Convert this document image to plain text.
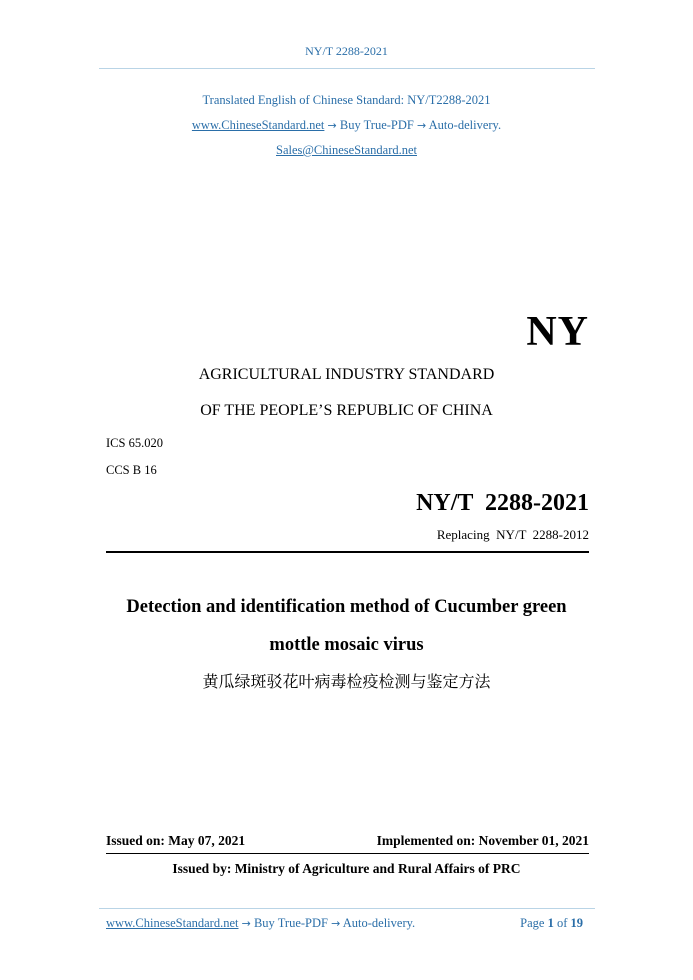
NY/T 2288-2021
Translated English of Chinese Standard: NY/T2288-2021
www.ChineseStandard.net → Buy True-PDF → Auto-delivery.
Sales@ChineseStandard.net
NY
AGRICULTURAL INDUSTRY STANDARD
OF THE PEOPLE’S REPUBLIC OF CHINA
ICS 65.020
CCS B 16
NY/T  2288-2021
Replacing  NY/T  2288-2012
Detection and identification method of Cucumber green
mottle mosaic virus
黄瓜绿斑驳花叶病毒检疫检测与鉴定方法
Issued on: May 07, 2021	Implemented on: November 01, 2021
Issued by: Ministry of Agriculture and Rural Affairs of PRC
www.ChineseStandard.net → Buy True-PDF → Auto-delivery.	Page 1 of 19
